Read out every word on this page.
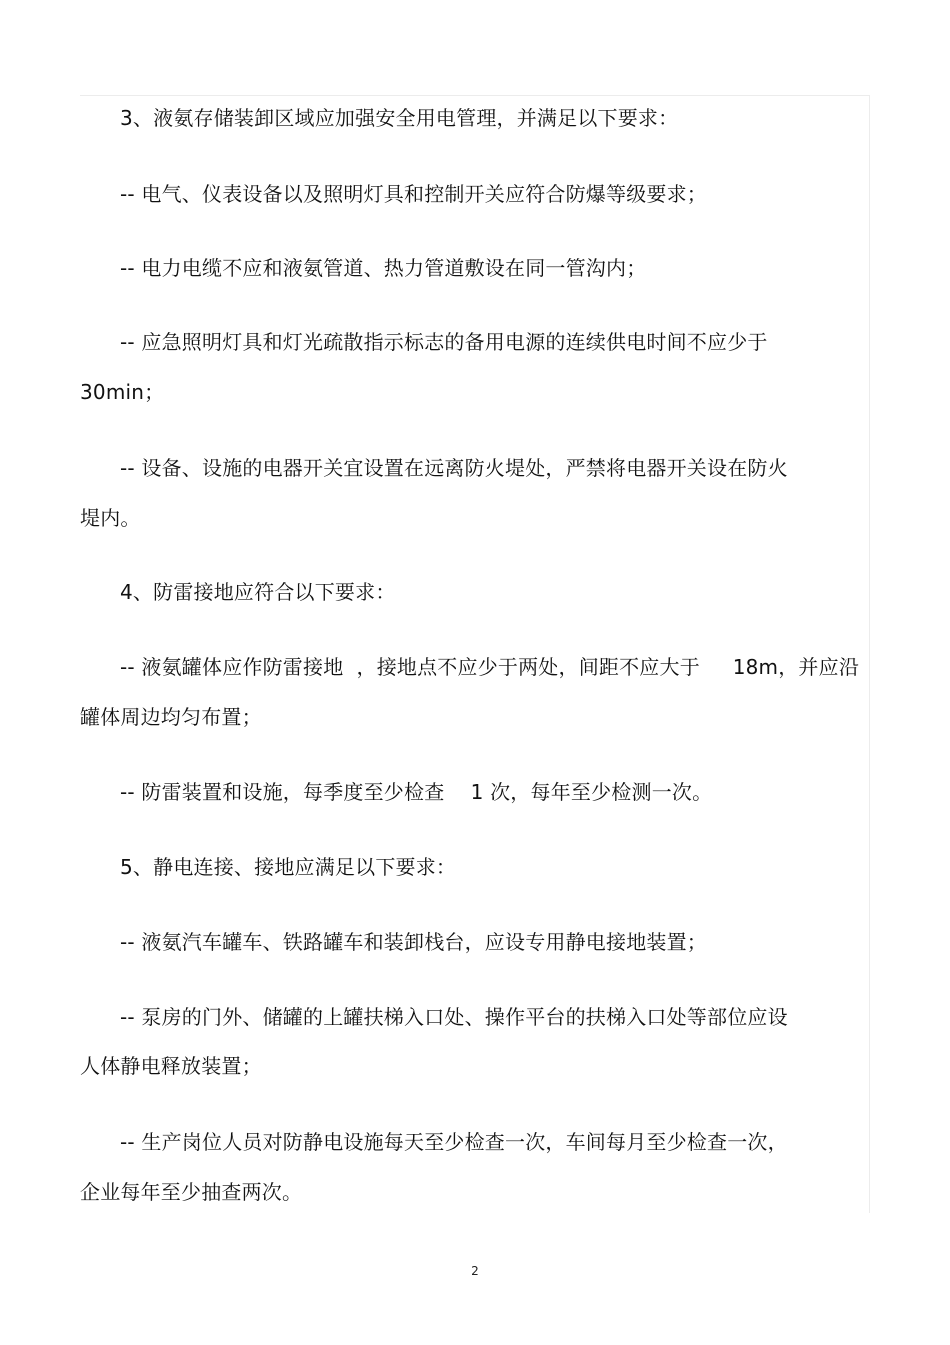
3、液氨存储装卸区域应加强安全用电管理，并满足以下要求：
-- 电气、仪表设备以及照明灯具和控制开关应符合防爆等级要求；
-- 电力电缆不应和液氨管道、热力管道敷设在同一管沟内；
-- 应急照明灯具和灯光疏散指示标志的备用电源的连续供电时间不应少于
30min；
-- 设备、设施的电器开关宜设置在远离防火堤处，严禁将电器开关设在防火
堤内。
4、防雷接地应符合以下要求：
-- 液氨罐体应作防雷接地  ，接地点不应少于两处，间距不应大于     18m，并应沿
罐体周边均匀布置；
-- 防雷装置和设施，每季度至少检查    1 次，每年至少检测一次。
5、静电连接、接地应满足以下要求：
-- 液氨汽车罐车、铁路罐车和装卸栈台，应设专用静电接地装置；
-- 泵房的门外、储罐的上罐扶梯入口处、操作平台的扶梯入口处等部位应设
人体静电释放装置；
-- 生产岗位人员对防静电设施每天至少检查一次，车间每月至少检查一次，
企业每年至少抽查两次。
2
